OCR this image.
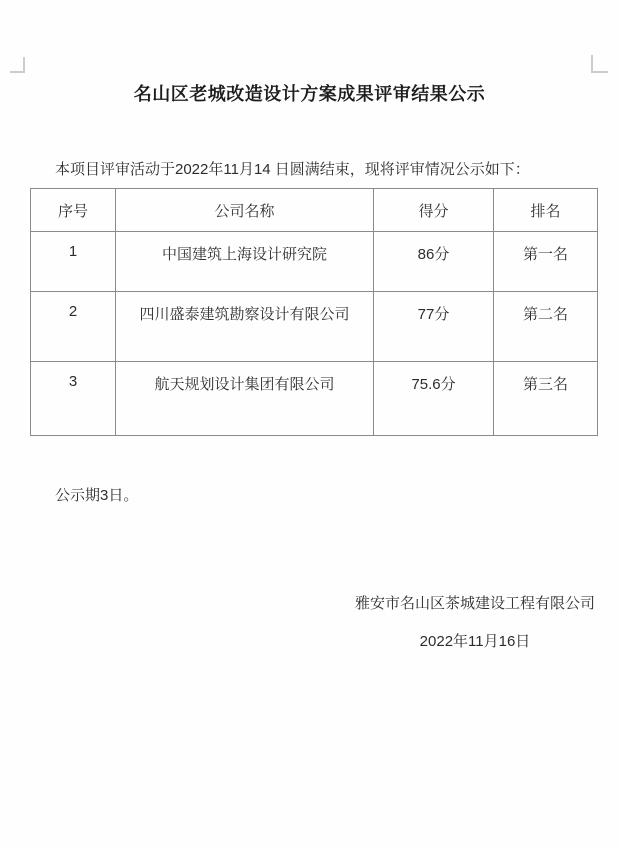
名山区老城改造设计方案成果评审结果公示
本项目评审活动于2022年11月14 日圆满结束，现将评审情况公示如下：
序号	公司名称	得分	排名
1	中国建筑上海设计研究院	86分	第一名
2	四川盛泰建筑勘察设计有限公司	77分	第二名
3	航天规划设计集团有限公司	75.6分	第三名
公示期3日。
雅安市名山区茶城建设工程有限公司
2022年11月16日
